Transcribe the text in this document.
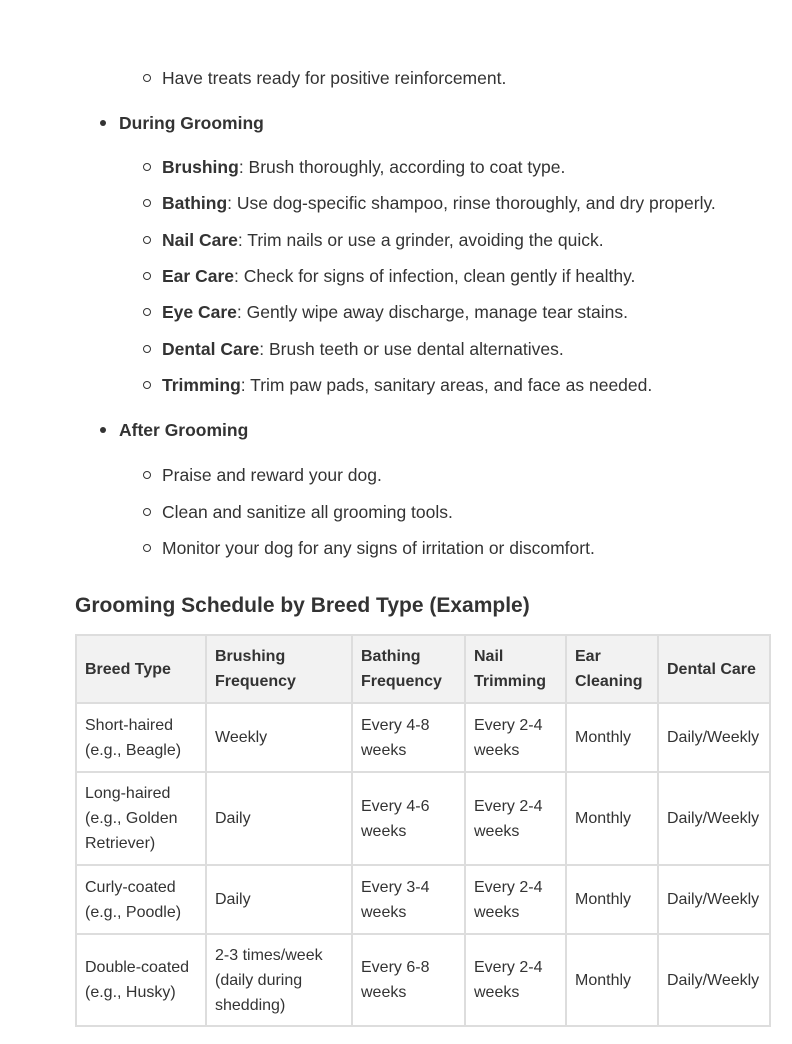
Have treats ready for positive reinforcement.
During Grooming
Brushing: Brush thoroughly, according to coat type.
Bathing: Use dog-specific shampoo, rinse thoroughly, and dry properly.
Nail Care: Trim nails or use a grinder, avoiding the quick.
Ear Care: Check for signs of infection, clean gently if healthy.
Eye Care: Gently wipe away discharge, manage tear stains.
Dental Care: Brush teeth or use dental alternatives.
Trimming: Trim paw pads, sanitary areas, and face as needed.
After Grooming
Praise and reward your dog.
Clean and sanitize all grooming tools.
Monitor your dog for any signs of irritation or discomfort.
Grooming Schedule by Breed Type (Example)
Breed Type	Brushing Frequency	Bathing Frequency	Nail Trimming	Ear Cleaning	Dental Care
Short-haired (e.g., Beagle)	Weekly	Every 4-8 weeks	Every 2-4 weeks	Monthly	Daily/Weekly
Long-haired (e.g., Golden Retriever)	Daily	Every 4-6 weeks	Every 2-4 weeks	Monthly	Daily/Weekly
Curly-coated (e.g., Poodle)	Daily	Every 3-4 weeks	Every 2-4 weeks	Monthly	Daily/Weekly
Double-coated (e.g., Husky)	2-3 times/week (daily during shedding)	Every 6-8 weeks	Every 2-4 weeks	Monthly	Daily/Weekly
